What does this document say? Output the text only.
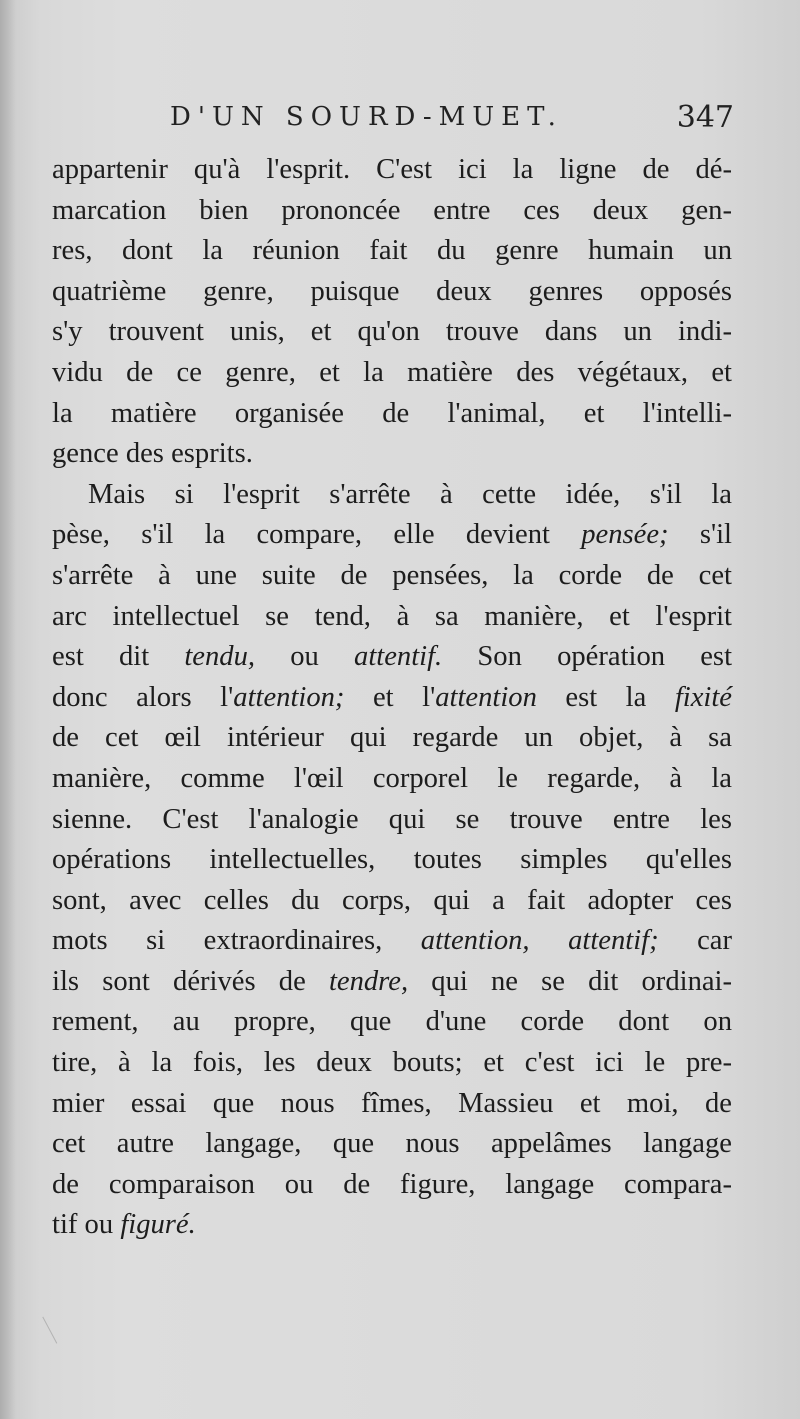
D'UN SOURD-MUET.	347

appartenir qu'à l'esprit. C'est ici la ligne de dé-

marcation bien prononcée entre ces deux gen-

res, dont la réunion fait du genre humain un

quatrième genre, puisque deux genres opposés

s'y trouvent unis, et qu'on trouve dans un indi-

vidu de ce genre, et la matière des végétaux, et

la matière organisée de l'animal, et l'intelli-

gence des esprits.

Mais si l'esprit s'arrête à cette idée, s'il la

pèse, s'il la compare, elle devient pensée; s'il

s'arrête à une suite de pensées, la corde de cet

arc intellectuel se tend, à sa manière, et l'esprit

est dit tendu, ou attentif. Son opération est

donc alors l'attention; et l'attention est la fixité

de cet œil intérieur qui regarde un objet, à sa

manière, comme l'œil corporel le regarde, à la

sienne. C'est l'analogie qui se trouve entre les

opérations intellectuelles, toutes simples qu'elles

sont, avec celles du corps, qui a fait adopter ces

mots si extraordinaires, attention, attentif; car

ils sont dérivés de tendre, qui ne se dit ordinai-

rement, au propre, que d'une corde dont on

tire, à la fois, les deux bouts; et c'est ici le pre-

mier essai que nous fîmes, Massieu et moi, de

cet autre langage, que nous appelâmes langage

de comparaison ou de figure, langage compara-

tif ou figuré.
